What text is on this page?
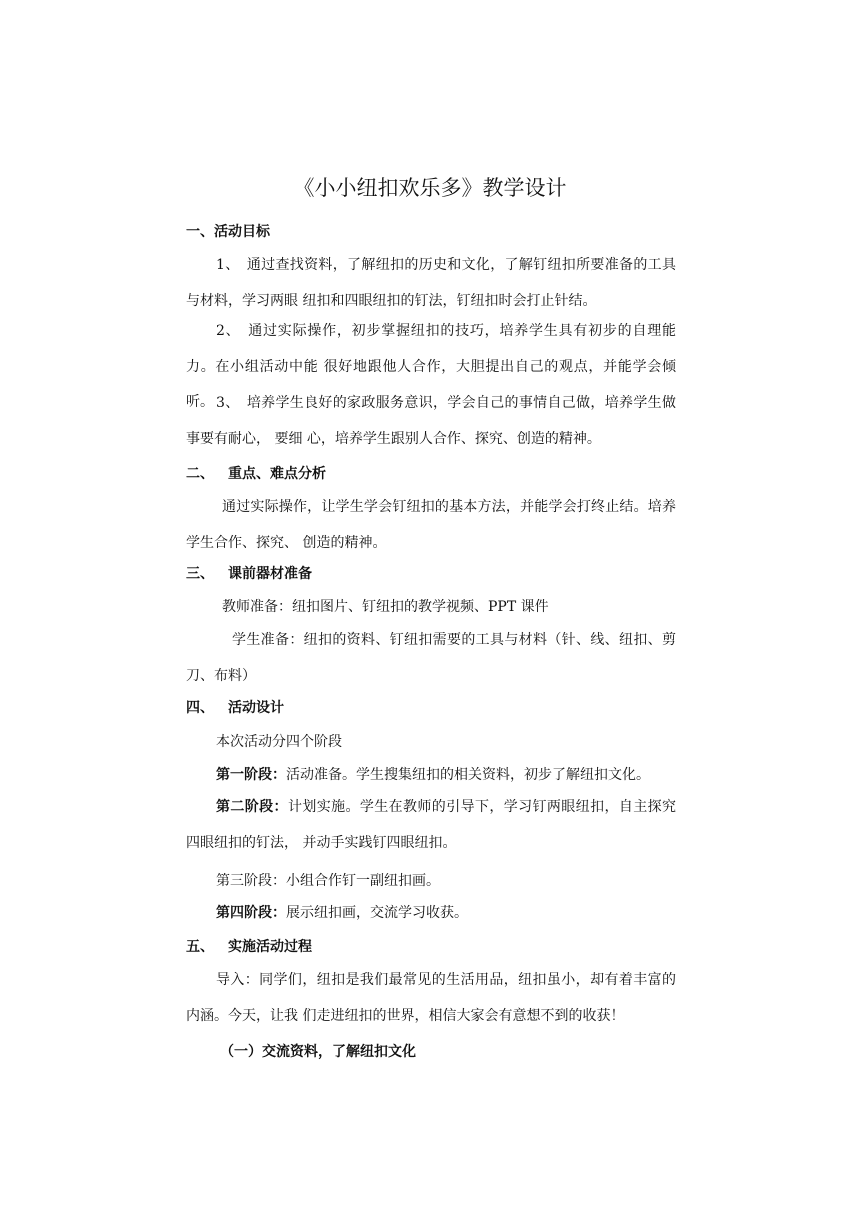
《小小纽扣欢乐多》教学设计
一、活动目标
1、　通过查找资料，了解纽扣的历史和文化，了解钉纽扣所要准备的工具与材料，学习两眼 纽扣和四眼纽扣的钉法，钉纽扣时会打止针结。
2、　通过实际操作，初步掌握纽扣的技巧，培养学生具有初步的自理能力。在小组活动中能 很好地跟他人合作，大胆提出自己的观点，并能学会倾听。 3、　培养学生良好的家政服务意识，学会自己的事情自己做，培养学生做事要有耐心， 要细 心，培养学生跟别人合作、探究、创造的精神。
二、 重点、难点分析
通过实际操作，让学生学会钉纽扣的基本方法，并能学会打终止结。培养学生合作、探究、 创造的精神。
三、 课前器材准备
教师准备：纽扣图片、钉纽扣的教学视频、PPT 课件
学生准备：纽扣的资料、钉纽扣需要的工具与材料（针、线、纽扣、剪刀、布料）
四、 活动设计
本次活动分四个阶段
第一阶段：活动准备。学生搜集纽扣的相关资料，初步了解纽扣文化。
第二阶段：计划实施。学生在教师的引导下，学习钉两眼纽扣，自主探究四眼纽扣的钉法， 并动手实践钉四眼纽扣。
第三阶段：小组合作钉一副纽扣画。
第四阶段：展示纽扣画，交流学习收获。
五、 实施活动过程
导入：同学们，纽扣是我们最常见的生活用品，纽扣虽小，却有着丰富的内涵。今天，让我 们走进纽扣的世界，相信大家会有意想不到的收获！
（一）交流资料，了解纽扣文化
